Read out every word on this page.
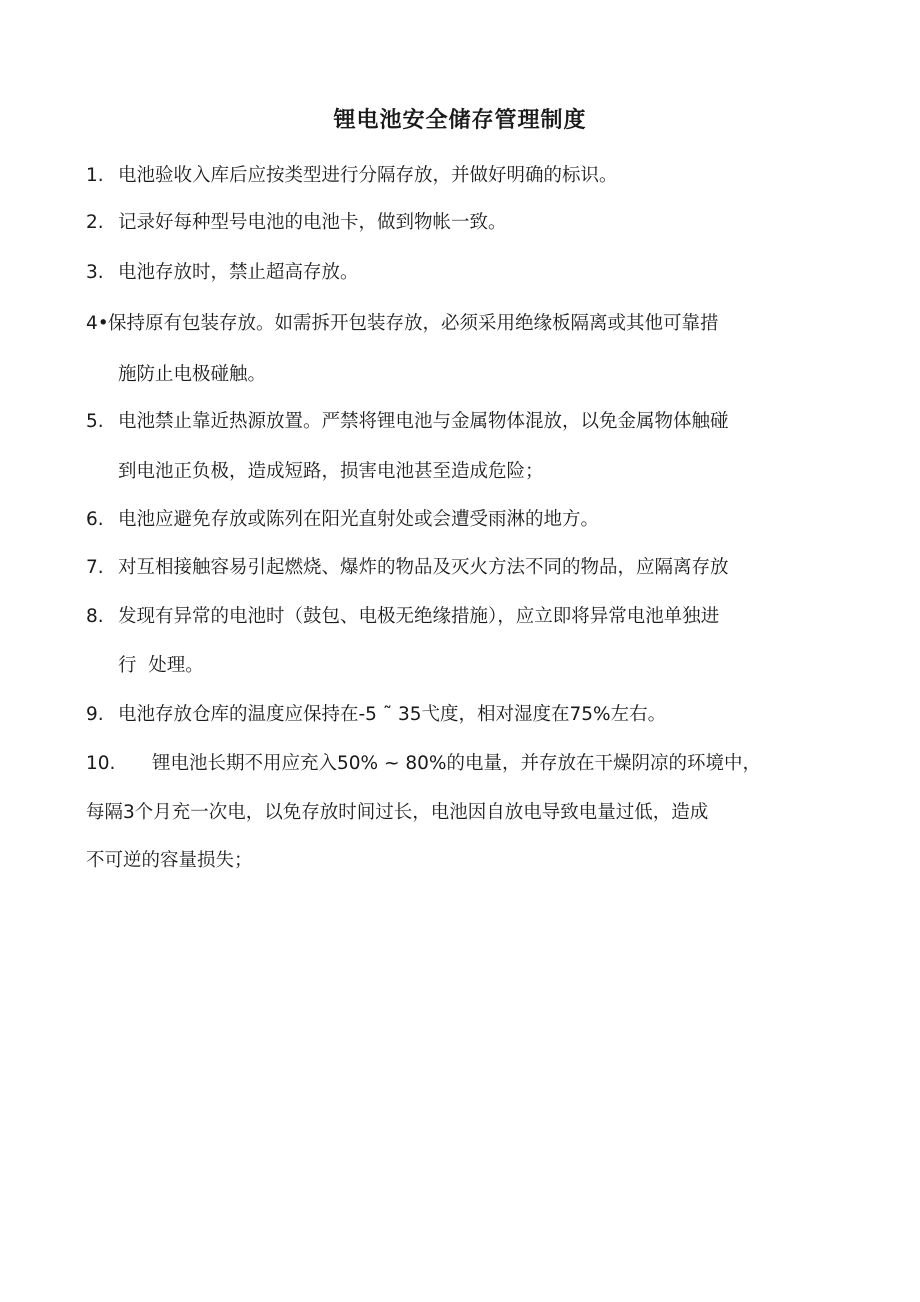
锂电池安全储存管理制度
1. 电池验收入库后应按类型进行分隔存放，并做好明确的标识。
2. 记录好每种型号电池的电池卡，做到物帐一致。
3. 电池存放时，禁止超高存放。
4• 保持原有包装存放。如需拆开包装存放，必须采用绝缘板隔离或其他可靠措
施防止电极碰触。
5. 电池禁止靠近热源放置。严禁将锂电池与金属物体混放，以免金属物体触碰
到电池正负极，造成短路，损害电池甚至造成危险；
6. 电池应避免存放或陈列在阳光直射处或会遭受雨淋的地方。
7. 对互相接触容易引起燃烧、爆炸的物品及灭火方法不同的物品，应隔离存放
8. 发现有异常的电池时（鼓包、电极无绝缘措施），应立即将异常电池单独进
行  处理。
9. 电池存放仓库的温度应保持在-5 ˜ 35弋度，相对湿度在75%左右。
10. 锂电池长期不用应充入50% ~ 80%的电量，并存放在干燥阴凉的环境中，
每隔3个月充一次电，以免存放时间过长，电池因自放电导致电量过低，造成
不可逆的容量损失；
